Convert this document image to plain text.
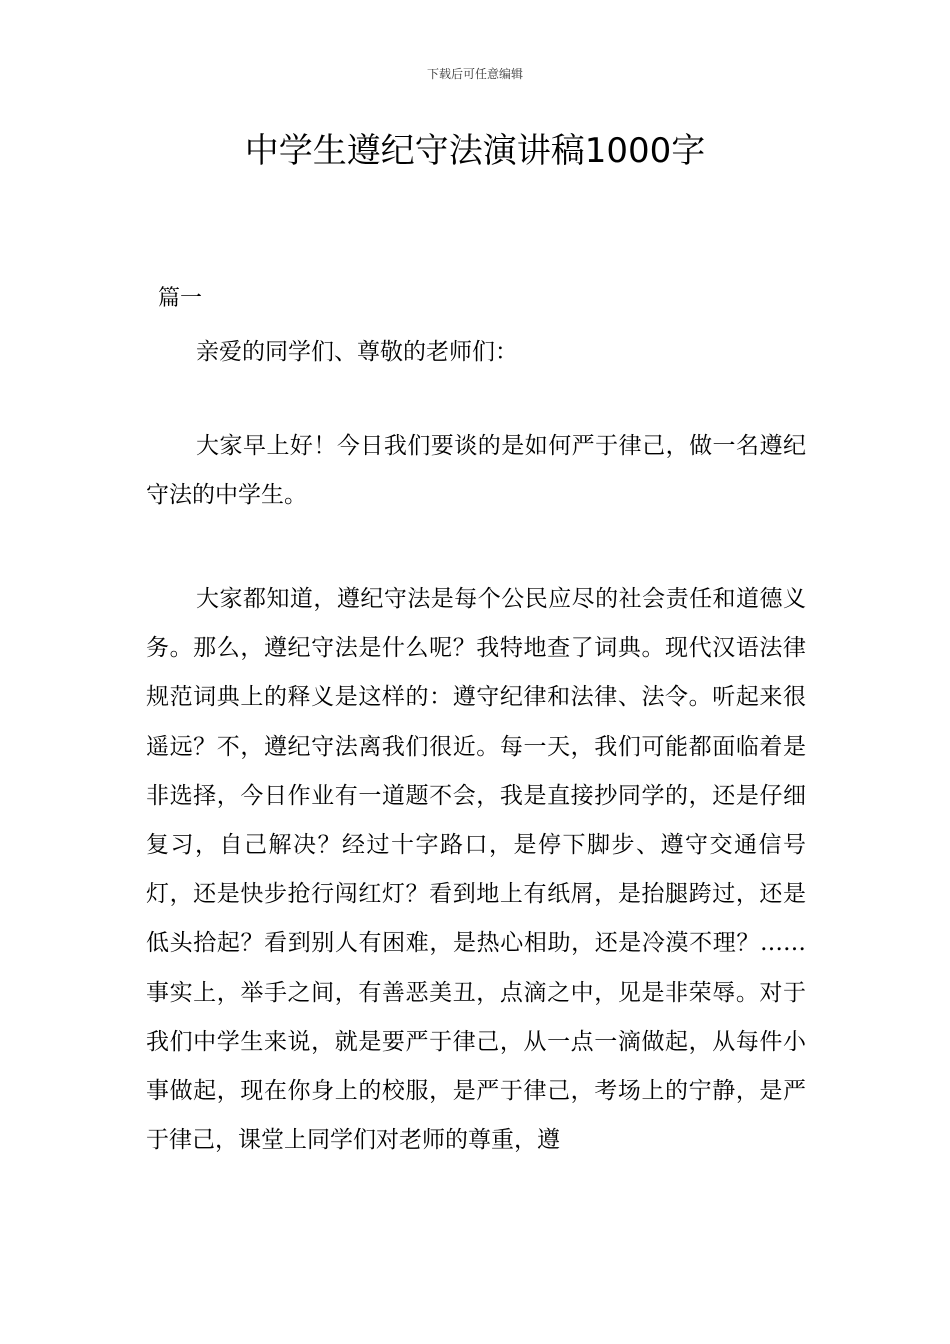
下载后可任意编辑
中学生遵纪守法演讲稿1000字
篇一
亲爱的同学们、尊敬的老师们：

大家早上好！今日我们要谈的是如何严于律己，做一名遵纪守法的中学生。

大家都知道，遵纪守法是每个公民应尽的社会责任和道德义务。那么，遵纪守法是什么呢？我特地查了词典。现代汉语法律规范词典上的释义是这样的：遵守纪律和法律、法令。听起来很遥远？不，遵纪守法离我们很近。每一天，我们可能都面临着是非选择，今日作业有一道题不会，我是直接抄同学的，还是仔细复习，自己解决？经过十字路口，是停下脚步、遵守交通信号灯，还是快步抢行闯红灯？看到地上有纸屑，是抬腿跨过，还是低头拾起？看到别人有困难，是热心相助，还是冷漠不理？……事实上，举手之间，有善恶美丑，点滴之中，见是非荣辱。对于我们中学生来说，就是要严于律己，从一点一滴做起，从每件小事做起，现在你身上的校服，是严于律己，考场上的宁静，是严于律己，课堂上同学们对老师的尊重，遵
